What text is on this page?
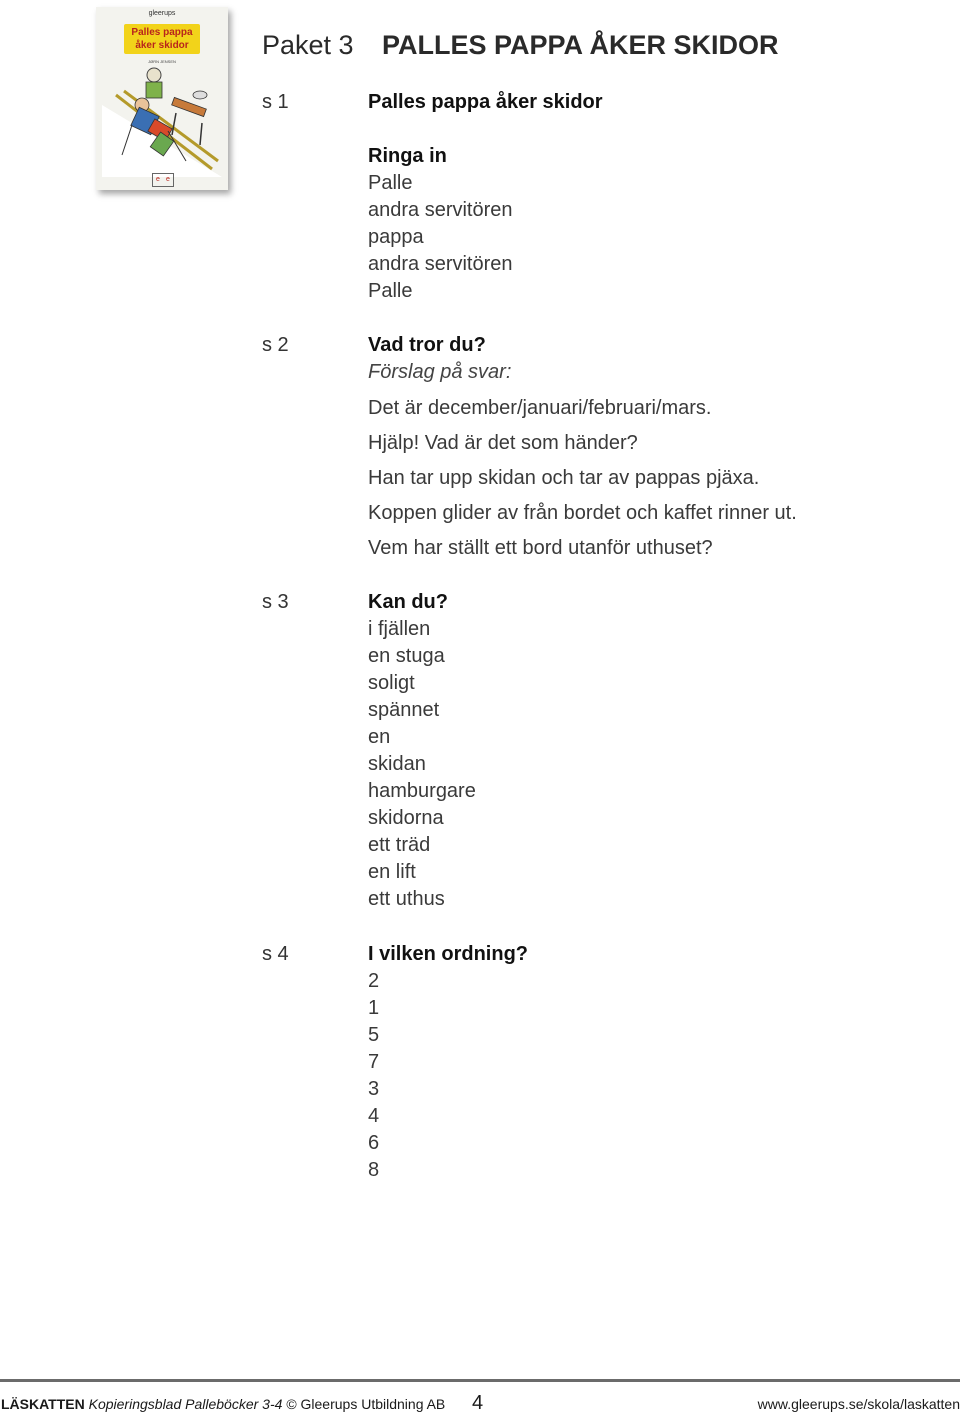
gleerups
Palles pappa
åker skidor
JØRN JENSEN
e e
Paket 3 PALLES PAPPA ÅKER SKIDOR
s 1	Palles pappa åker skidor
Ringa in
Palle
andra servitören
pappa
andra servitören
Palle
s 2	Vad tror du?
Förslag på svar:
Det är december/januari/februari/mars.
Hjälp! Vad är det som händer?
Han tar upp skidan och tar av pappas pjäxa.
Koppen glider av från bordet och kaffet rinner ut.
Vem har ställt ett bord utanför uthuset?
s 3	Kan du?
i fjällen
en stuga
soligt
spännet
en
skidan
hamburgare
skidorna
ett träd
en lift
ett uthus
s 4	I vilken ordning?
2
1
5
7
3
4
6
8
LÄSKATTEN Kopieringsblad Palleböcker 3-4 © Gleerups Utbildning AB 4	www.gleerups.se/skola/laskatten
